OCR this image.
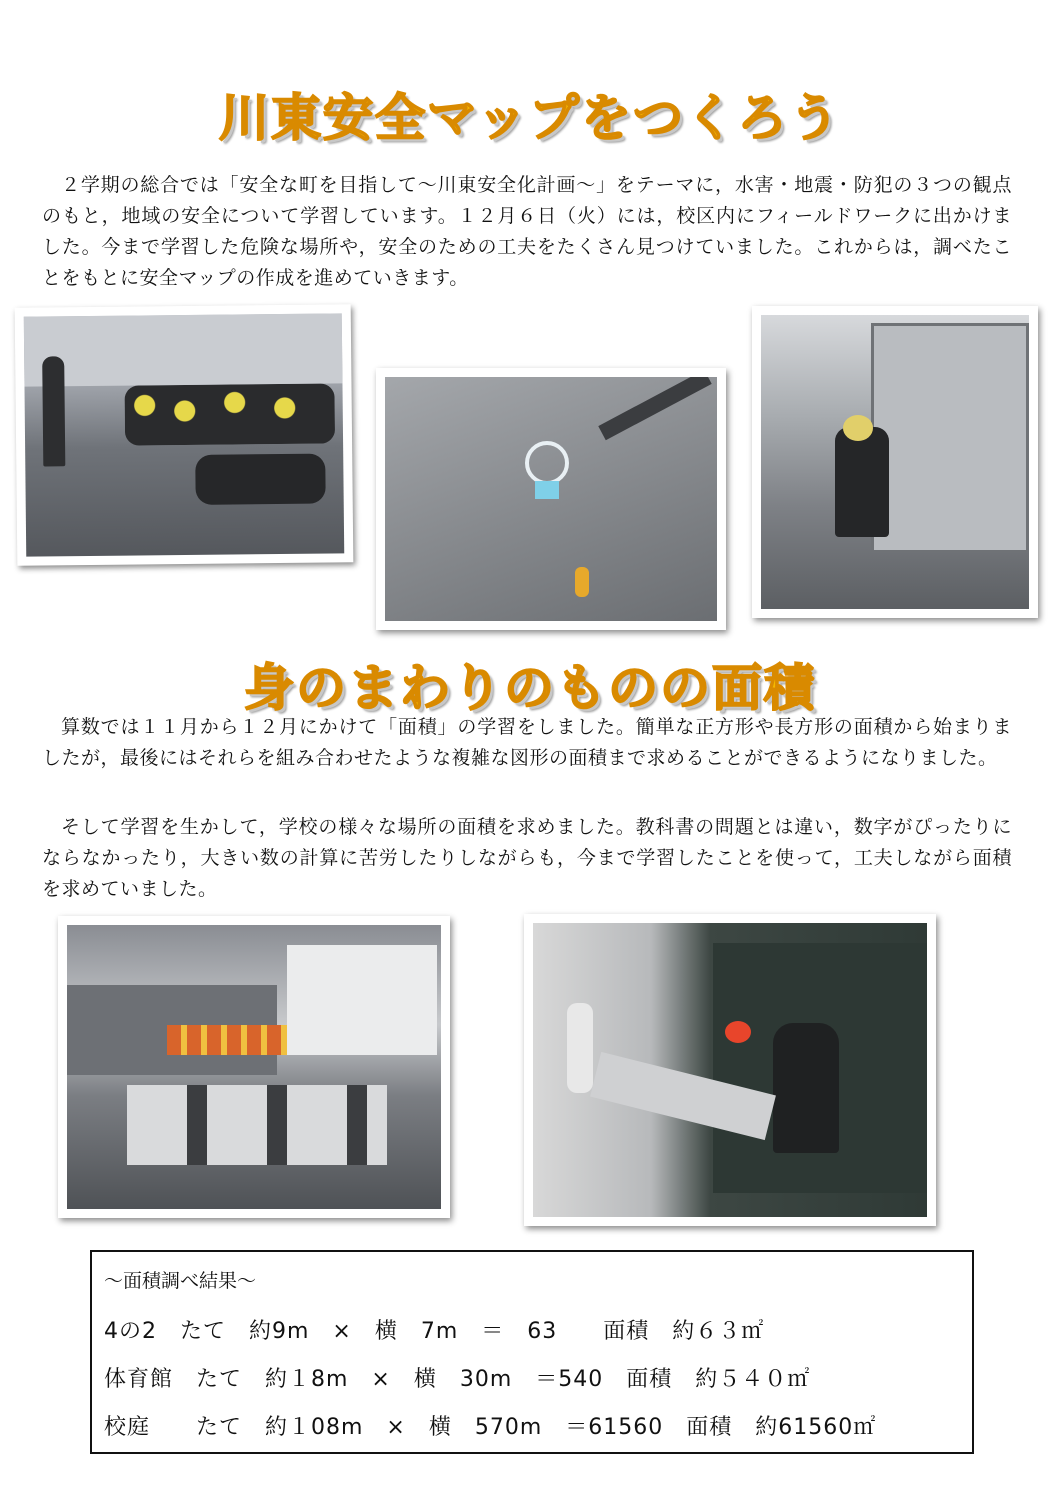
川東安全マップをつくろう

２学期の総合では「安全な町を目指して〜川東安全化計画〜」をテーマに，水害・地震・防犯の３つの観点のもと，地域の安全について学習しています。１２月６日（火）には，校区内にフィールドワークに出かけました。今まで学習した危険な場所や，安全のための工夫をたくさん見つけていました。これからは，調べたことをもとに安全マップの作成を進めていきます。

身のまわりのものの面積

算数では１１月から１２月にかけて「面積」の学習をしました。簡単な正方形や長方形の面積から始まりましたが，最後にはそれらを組み合わせたような複雑な図形の面積まで求めることができるようになりました。

そして学習を生かして，学校の様々な場所の面積を求めました。教科書の問題とは違い，数字がぴったりにならなかったり，大きい数の計算に苦労したりしながらも，今まで学習したことを使って，工夫しながら面積を求めていました。

〜面積調べ結果〜
4の2　たて　約9m　×　横　7m　＝　63　　面積　約６３㎡
体育館　たて　約１8m　×　横　30m　＝540　面積　約５４０㎡
校庭　　たて　約１08m　×　横　570m　＝61560　面積　約61560㎡
